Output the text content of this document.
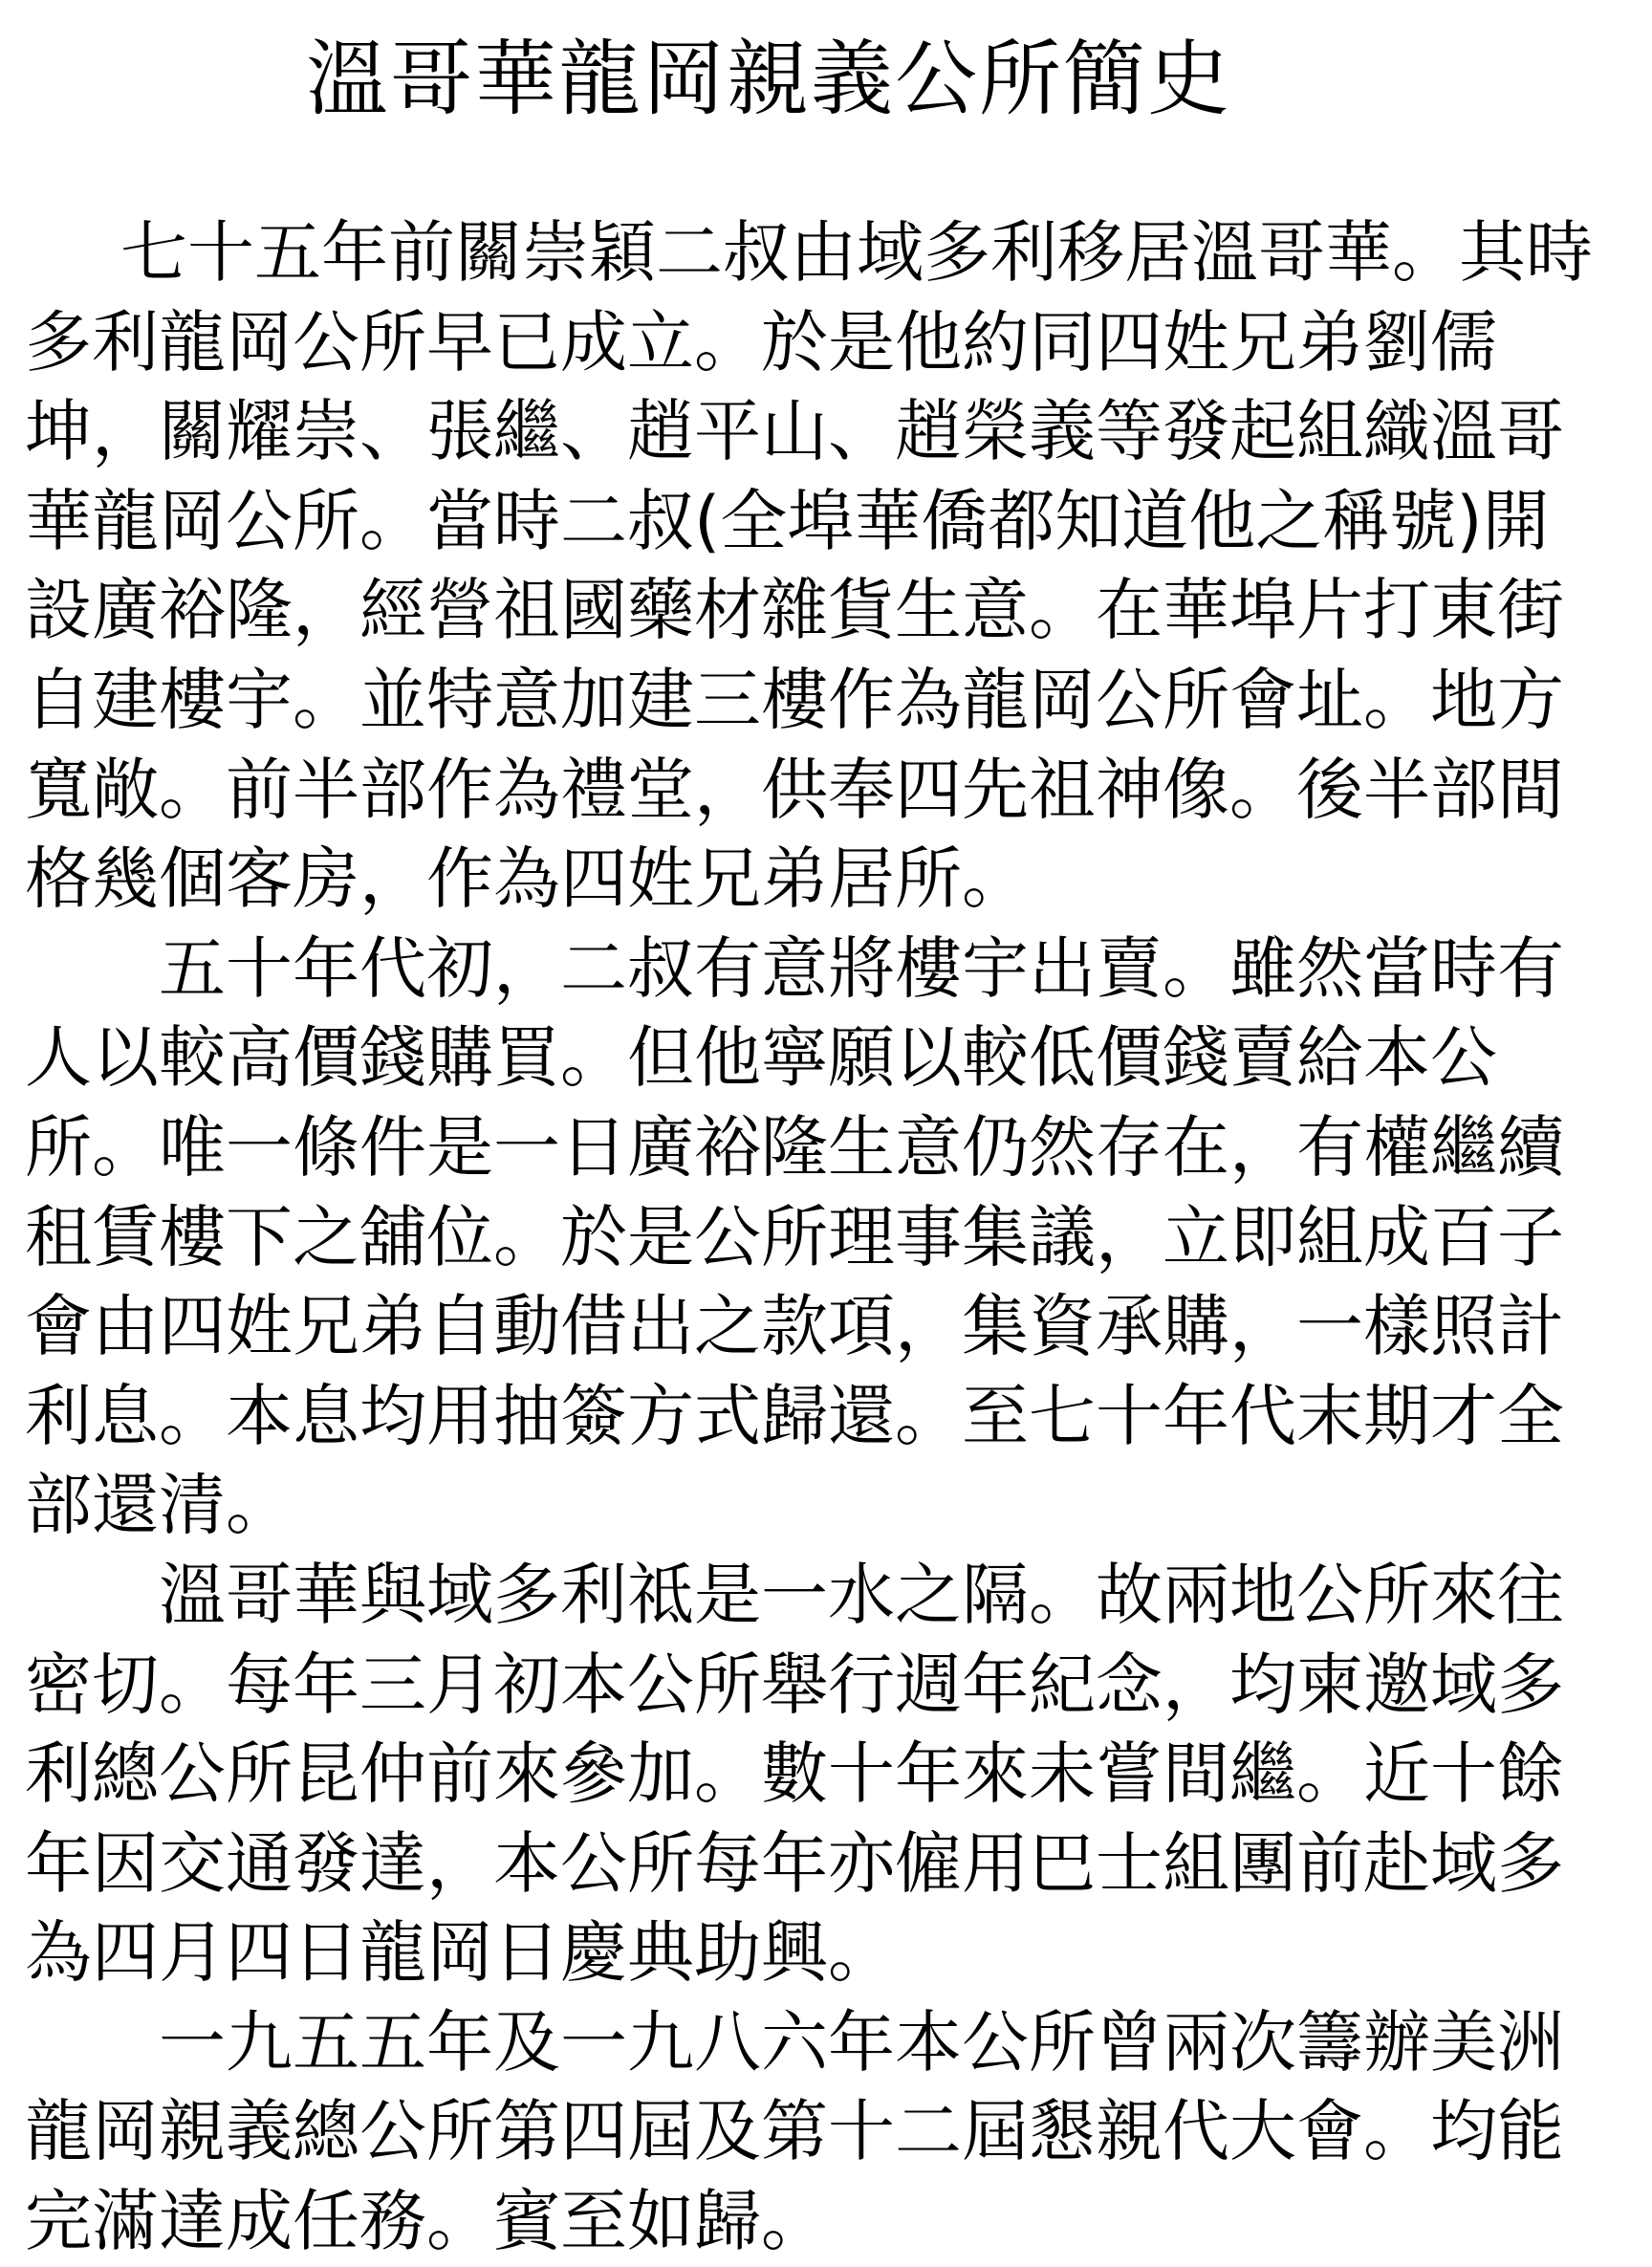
溫哥華龍岡親義公所簡史
七十五年前關崇穎二叔由域多利移居溫哥華。其時
多利龍岡公所早已成立。於是他約同四姓兄弟劉儒
坤，關耀崇、張繼、趙平山、趙榮義等發起組織溫哥
華龍岡公所。當時二叔(全埠華僑都知道他之稱號)開
設廣裕隆，經營祖國藥材雜貨生意。在華埠片打東街
自建樓宇。並特意加建三樓作為龍岡公所會址。地方
寬敞。前半部作為禮堂，供奉四先祖神像。後半部間
格幾個客房，作為四姓兄弟居所。
五十年代初，二叔有意將樓宇出賣。雖然當時有
人以較高價錢購買。但他寧願以較低價錢賣給本公
所。唯一條件是一日廣裕隆生意仍然存在，有權繼續
租賃樓下之舖位。於是公所理事集議，立即組成百子
會由四姓兄弟自動借出之款項，集資承購，一樣照計
利息。本息均用抽簽方式歸還。至七十年代末期才全
部還清。
溫哥華與域多利祗是一水之隔。故兩地公所來往
密切。每年三月初本公所舉行週年紀念，均柬邀域多
利總公所昆仲前來參加。數十年來未嘗間繼。近十餘
年因交通發達，本公所每年亦僱用巴士組團前赴域多
為四月四日龍岡日慶典助興。
一九五五年及一九八六年本公所曾兩次籌辦美洲
龍岡親義總公所第四屆及第十二屆懇親代大會。均能
完滿達成任務。賓至如歸。
